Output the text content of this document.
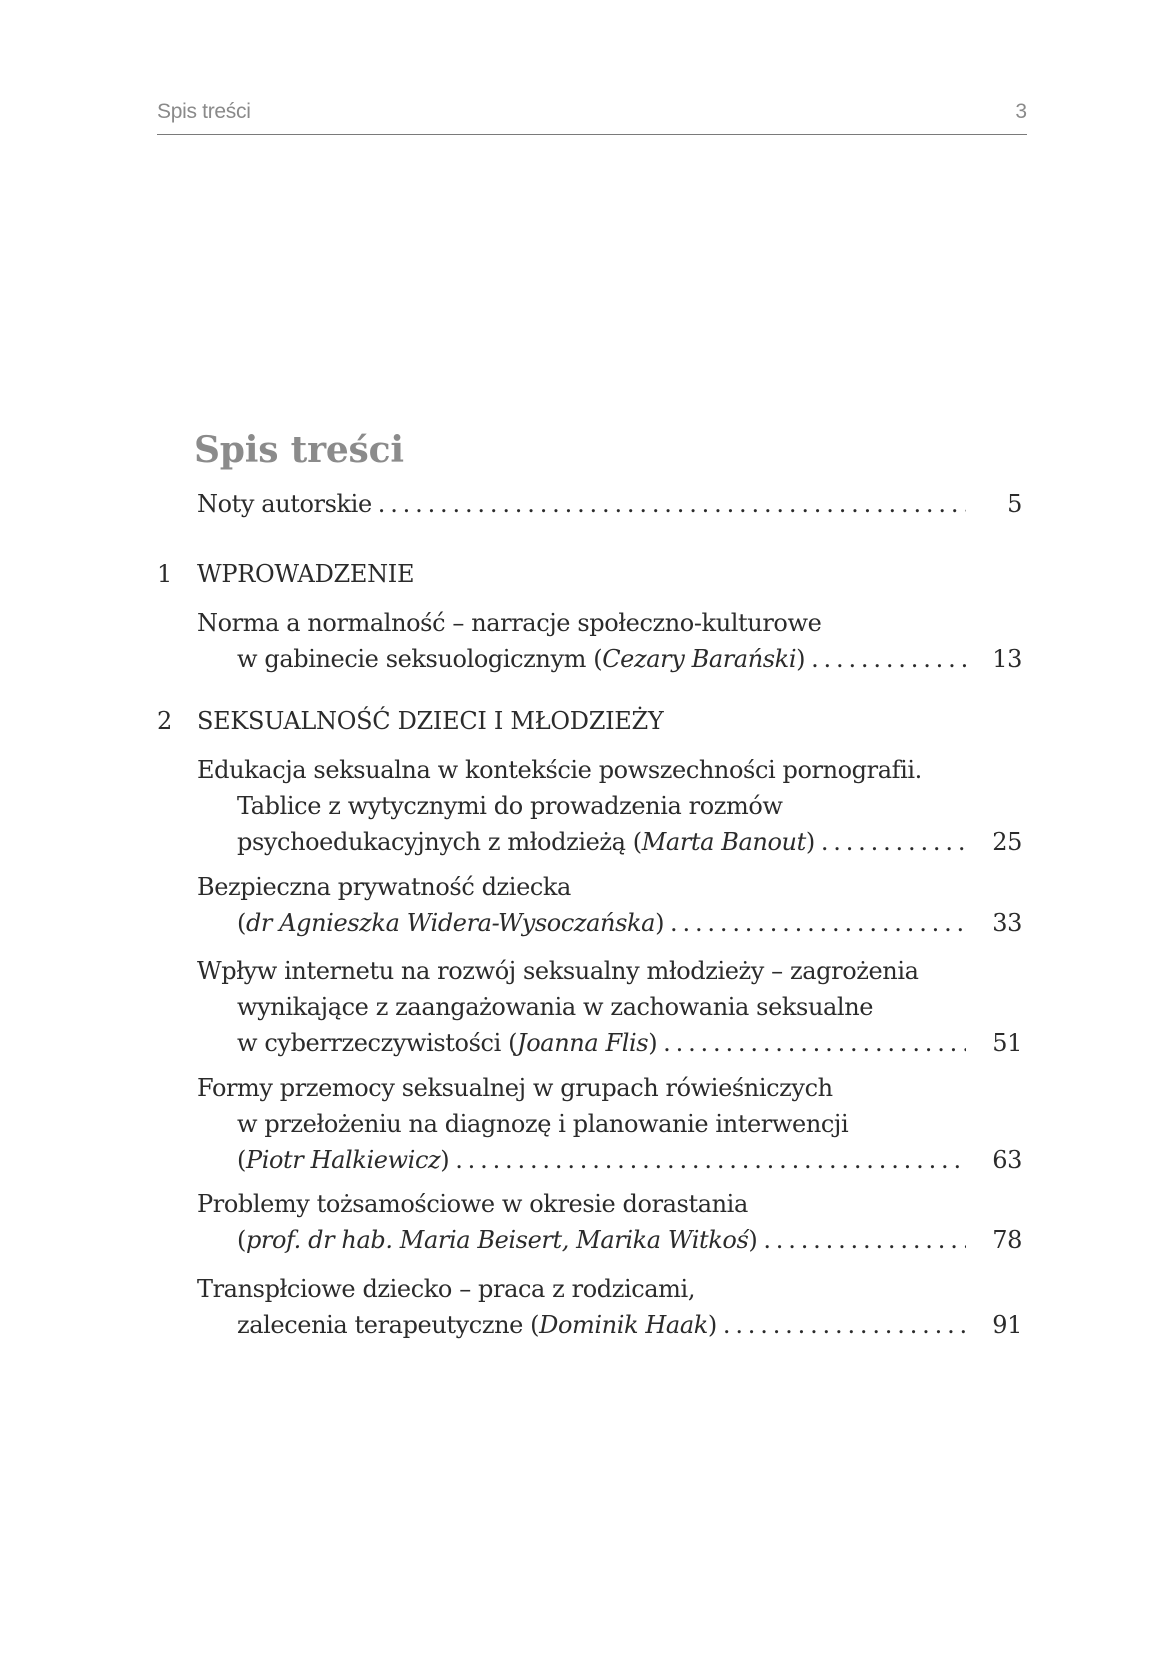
Spis treści	3
Spis treści
Noty autorskie . . .	5
1 WPROWADZENIE
Norma a normalność – narracje społeczno-kulturowe
w gabinecie seksuologicznym (Cezary Barański) . . .	13
2 SEKSUALNOŚĆ DZIECI I MŁODZIEŻY
Edukacja seksualna w kontekście powszechności pornografii.
Tablice z wytycznymi do prowadzenia rozmów
psychoedukacyjnych z młodzieżą (Marta Banout) . . .	25
Bezpieczna prywatność dziecka
(dr Agnieszka Widera-Wysoczańska) . . .	33
Wpływ internetu na rozwój seksualny młodzieży – zagrożenia
wynikające z zaangażowania w zachowania seksualne
w cyberrzeczywistości (Joanna Flis) . . .	51
Formy przemocy seksualnej w grupach rówieśniczych
w przełożeniu na diagnozę i planowanie interwencji
(Piotr Halkiewicz) . . .	63
Problemy tożsamościowe w okresie dorastania
(prof. dr hab. Maria Beisert, Marika Witkoś) . . .	78
Transpłciowe dziecko – praca z rodzicami,
zalecenia terapeutyczne (Dominik Haak) . . .	91
